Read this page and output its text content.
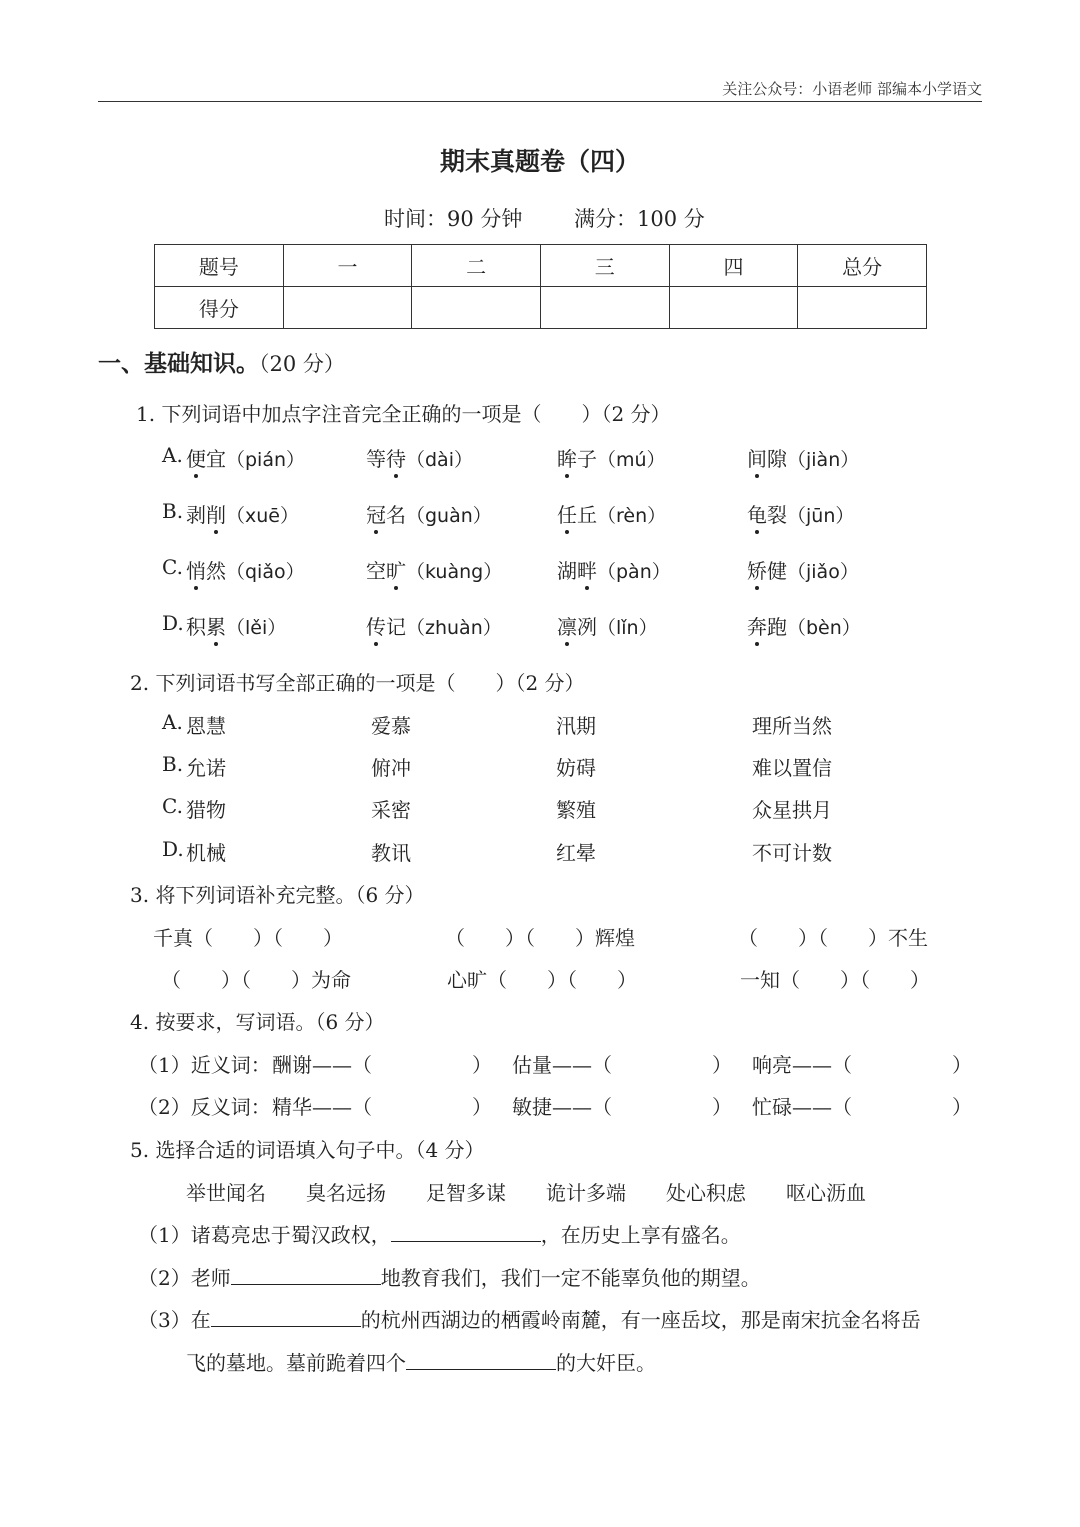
关注公众号：小语老师 部编本小学语文
期末真题卷（四）
时间：90 分钟 满分：100 分
题号	一	二	三	四	总分
得分					
一、基础知识。（20 分）
1. 下列词语中加点字注音完全正确的一项是（　　）（2 分）
A. 便宜（pián）	等待（dài）	眸子（mú）	间隙（jiàn）
B. 剥削（xuē）	冠名（guàn）	任丘（rèn）	龟裂（jūn）
C. 悄然（qiǎo）	空旷（kuàng）	湖畔（pàn）	矫健（jiǎo）
D. 积累（lěi）	传记（zhuàn）	凛冽（lǐn）	奔跑（bèn）
2. 下列词语书写全部正确的一项是（　　）（2 分）
A. 恩慧	爱慕	汛期	理所当然
B. 允诺	俯冲	妨碍	难以置信
C. 猎物	采密	繁殖	众星拱月
D. 机械	教讯	红晕	不可计数
3. 将下列词语补充完整。（6 分）
千真（　　）（　　）	（　　）（　　）辉煌	（　　）（　　）不生
（　　）（　　）为命	心旷（　　）（　　）	一知（　　）（　　）
4. 按要求，写词语。（6 分）
（1）近义词： 酬谢——（　　　　　） 估量——（　　　　　） 响亮——（　　　　　）
（2）反义词： 精华——（　　　　　） 敏捷——（　　　　　） 忙碌——（　　　　　）
5. 选择合适的词语填入句子中。（4 分）
举世闻名 臭名远扬 足智多谋 诡计多端 处心积虑 呕心沥血
（1）诸葛亮忠于蜀汉政权，	，在历史上享有盛名。
（2）老师	地教育我们，我们一定不能辜负他的期望。
（3）在	的杭州西湖边的栖霞岭南麓，有一座岳坟，那是南宋抗金名将岳
飞的墓地。墓前跪着四个	的大奸臣。
